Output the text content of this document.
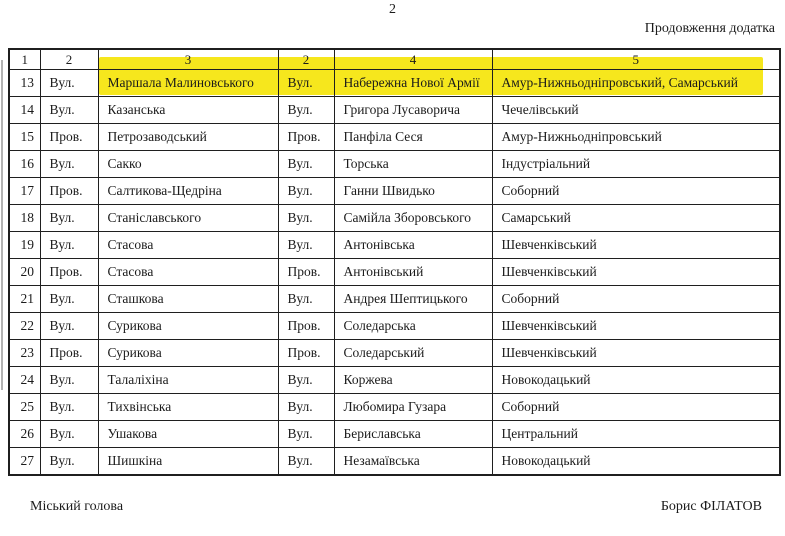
2
Продовження додатка
1	2	3	2	4	5
13	Вул.	Маршала Малиновського	Вул.	Набережна Нової Армії	Амур-Нижньодніпровський, Самарський
14	Вул.	Казанська	Вул.	Григора Лусаворича	Чечелівський
15	Пров.	Петрозаводський	Пров.	Панфіла Сеся	Амур-Нижньодніпровський
16	Вул.	Сакко	Вул.	Торська	Індустріальний
17	Пров.	Салтикова-Щедріна	Вул.	Ганни Швидько	Соборний
18	Вул.	Станіславського	Вул.	Самійла Зборовського	Самарський
19	Вул.	Стасова	Вул.	Антонівська	Шевченківський
20	Пров.	Стасова	Пров.	Антонівський	Шевченківський
21	Вул.	Сташкова	Вул.	Андрея Шептицького	Соборний
22	Вул.	Сурикова	Пров.	Соледарська	Шевченківський
23	Пров.	Сурикова	Пров.	Соледарський	Шевченківський
24	Вул.	Талаліхіна	Вул.	Коржева	Новокодацький
25	Вул.	Тихвінська	Вул.	Любомира Гузара	Соборний
26	Вул.	Ушакова	Вул.	Бериславська	Центральний
27	Вул.	Шишкіна	Вул.	Незамаївська	Новокодацький
Міський голова	Борис ФІЛАТОВ
